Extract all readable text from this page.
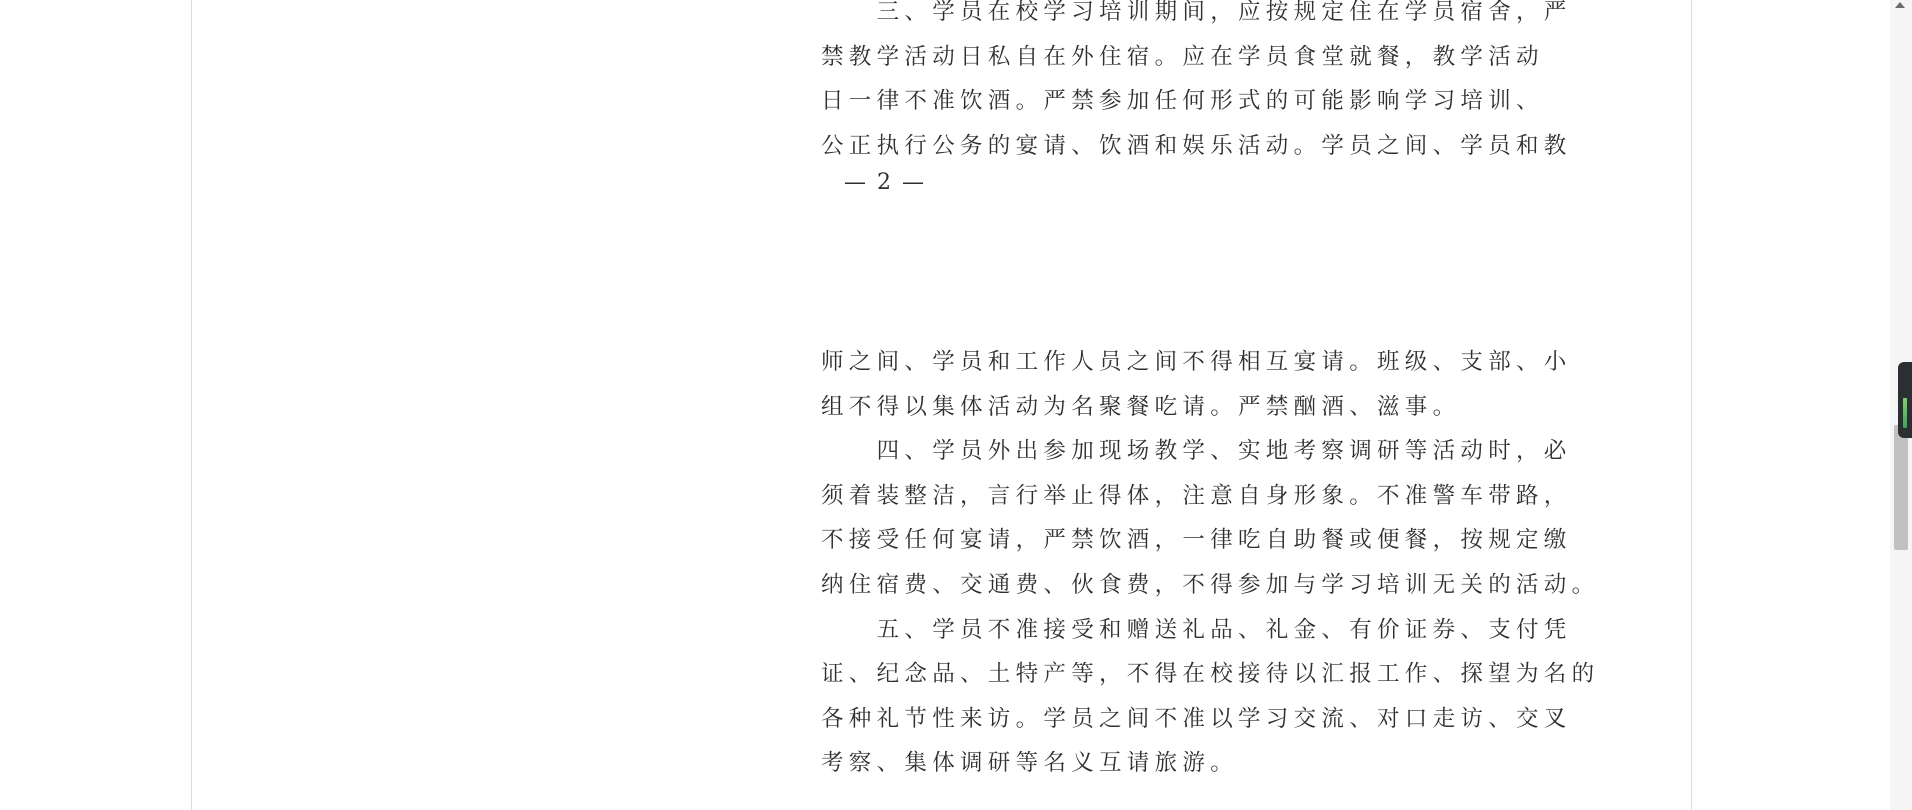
　　三、学员在校学习培训期间，应按规定住在学员宿舍，严
禁教学活动日私自在外住宿。应在学员食堂就餐，教学活动
日一律不准饮酒。严禁参加任何形式的可能影响学习培训、
公正执行公务的宴请、饮酒和娱乐活动。学员之间、学员和教
— 2 —
师之间、学员和工作人员之间不得相互宴请。班级、支部、小
组不得以集体活动为名聚餐吃请。严禁酗酒、滋事。
　　四、学员外出参加现场教学、实地考察调研等活动时，必
须着装整洁，言行举止得体，注意自身形象。不准警车带路，
不接受任何宴请，严禁饮酒，一律吃自助餐或便餐，按规定缴
纳住宿费、交通费、伙食费，不得参加与学习培训无关的活动。
　　五、学员不准接受和赠送礼品、礼金、有价证券、支付凭
证、纪念品、土特产等，不得在校接待以汇报工作、探望为名的
各种礼节性来访。学员之间不准以学习交流、对口走访、交叉
考察、集体调研等名义互请旅游。
